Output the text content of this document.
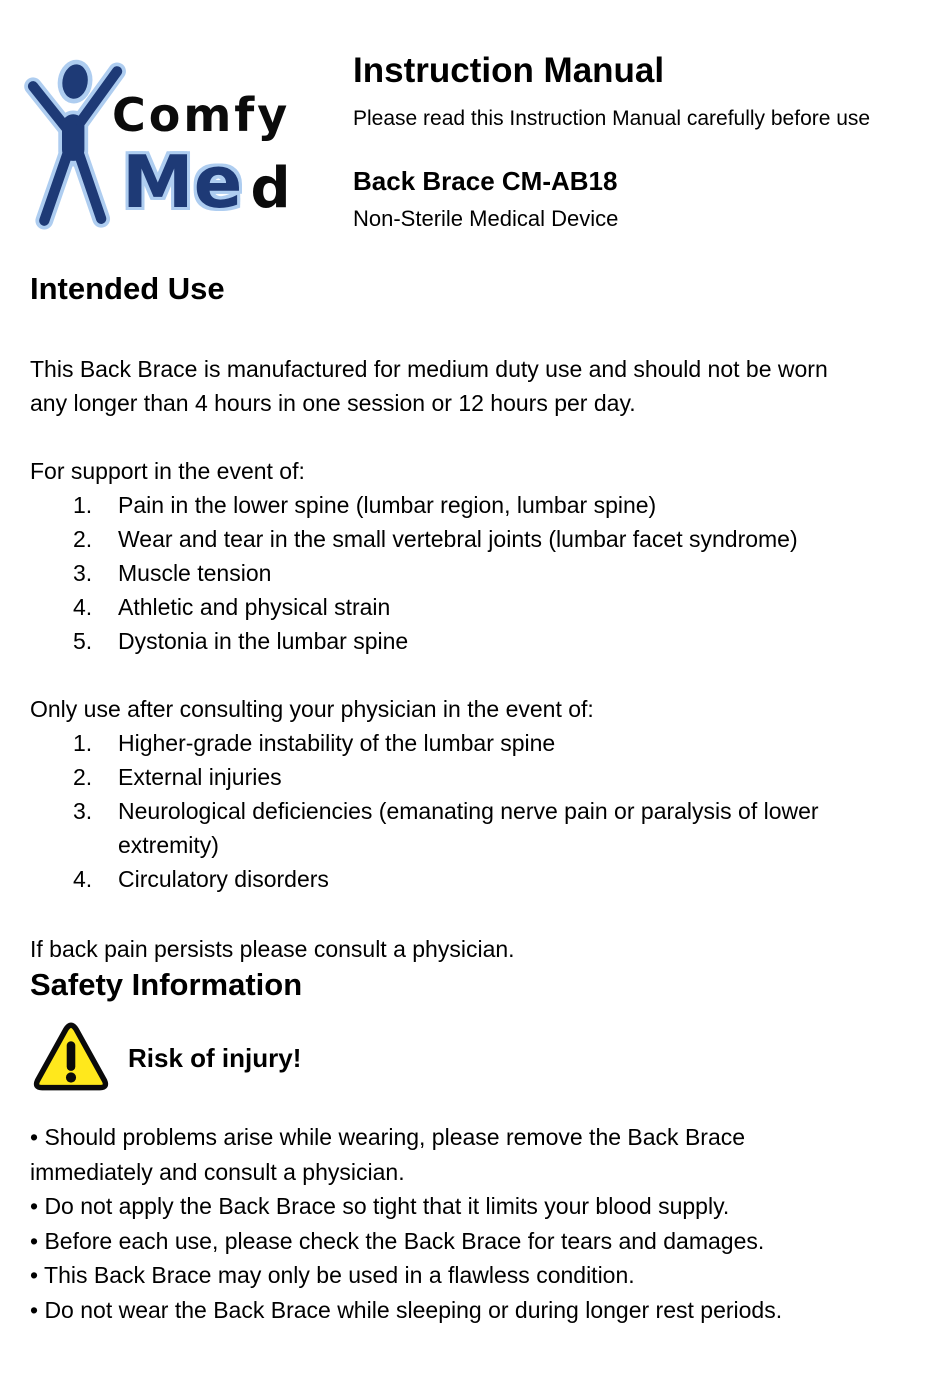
Comfy
Me d
Instruction Manual

Please read this Instruction Manual carefully before use

Back Brace CM-AB18

Non-Sterile Medical Device

Intended Use
This Back Brace is manufactured for medium duty use and should not be worn
any longer than 4 hours in one session or 12 hours per day.
For support in the event of:
1.	Pain in the lower spine (lumbar region, lumbar spine)
2.	Wear and tear in the small vertebral joints (lumbar facet syndrome)
3.	Muscle tension
4.	Athletic and physical strain
5.	Dystonia in the lumbar spine
Only use after consulting your physician in the event of:
1.	Higher-grade instability of the lumbar spine
2.	External injuries
3.	Neurological deficiencies (emanating nerve pain or paralysis of lower
extremity)
4.	Circulatory disorders
If back pain persists please consult a physician.
Safety Information
Risk of injury!
• Should problems arise while wearing, please remove the Back Brace
immediately and consult a physician.
• Do not apply the Back Brace so tight that it limits your blood supply.
• Before each use, please check the Back Brace for tears and damages.
• This Back Brace may only be used in a flawless condition.
• Do not wear the Back Brace while sleeping or during longer rest periods.
